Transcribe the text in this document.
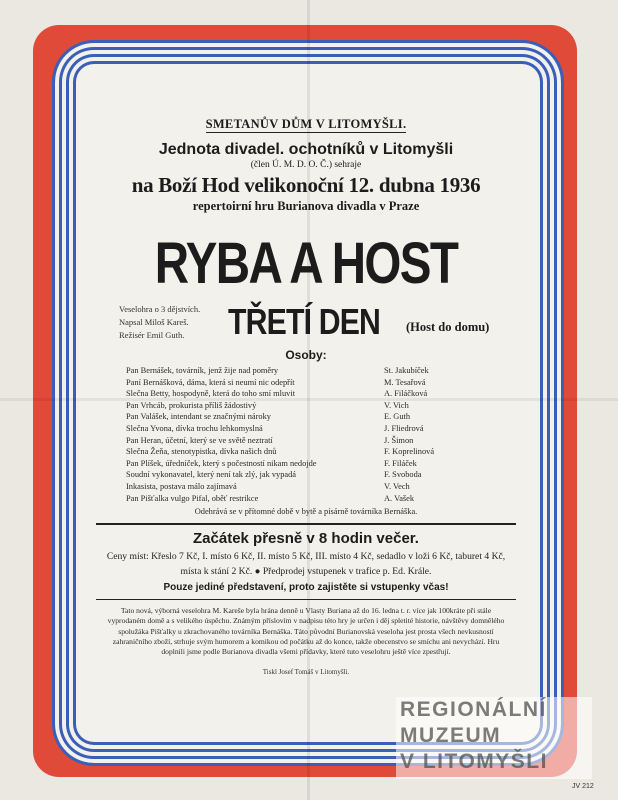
SMETANŮV DŮM V LITOMYŠLI.
Jednota divadel. ochotníků v Litomyšli
(člen Ú. M. D. O. Č.) sehraje
na Boží Hod velikonoční 12. dubna 1936
repertoirní hru Burianova divadla v Praze
RYBA A HOST
Veselohra o 3 dějstvích.
Napsal Miloš Kareš.
Režisér Emil Guth.	TŘETÍ DEN (Host do domu)
Osoby:
Pan Bernášek, továrník, jenž žije nad poměry	St. Jakubíček
Paní Bernášková, dáma, která si neumí nic odepřít	M. Tesařová
Slečna Betty, hospodyně, která do toho smí mluvit	A. Filáčková
Pan Vrhcáb, prokurista příliš žádostivý	V. Vich
Pan Valášek, intendant se značnými nároky	E. Guth
Slečna Yvona, dívka trochu lehkomyslná	J. Fliedrová
Pan Heran, účetní, který se ve světě neztratí	J. Šimon
Slečna Žeňa, stenotypistka, dívka našich dnů	F. Koprelinová
Pan Plíšek, úředníček, který s počestností nikam nedojde	F. Filáček
Soudní vykonavatel, který není tak zlý, jak vypadá	F. Svoboda
Inkasista, postava málo zajímavá	V. Vech
Pan Pišťalka vulgo Pifal, oběť restrikce	A. Vašek
Odehrává se v přítomné době v bytě a písárně továrníka Bernáška.
Začátek přesně v 8 hodin večer.
Ceny míst: Křeslo 7 Kč, I. místo 6 Kč, II. místo 5 Kč, III. místo 4 Kč, sedadlo v loži 6 Kč, taburet 4 Kč, místa k stání 2 Kč. ● Předprodej vstupenek v trafice p. Ed. Krále.
Pouze jediné představení, proto zajistěte si vstupenky včas!
Tato nová, výborná veselohra M. Kareše byla hrána denně u Vlasty Buriana až do 16. ledna t. r. více jak 100kráte při stále vyprodaném domě a s velikého úspěchu. Známým příslovím v nadpisu této hry je určen i děj spletité historie, návštěvy domnělého spolužáka Pišťalky u zkrachovaného továrníka Bernáška. Táto původní Burianovská veseloha jest prosta všech nevkusností zahraničního zboží, strhuje svým humorem a komikou od počátku až do konce, takže obecenstvo se smíchu ani nevychází. Hru doplnili jsme podle Burianova divadla všemi přídavky, které tuto veselohru ještě více zpestřují.
Tiskl Josef Tomáš v Litomyšli.
REGIONÁLNÍ
MUZEUM
V LITOMYŠLI
JV 212
